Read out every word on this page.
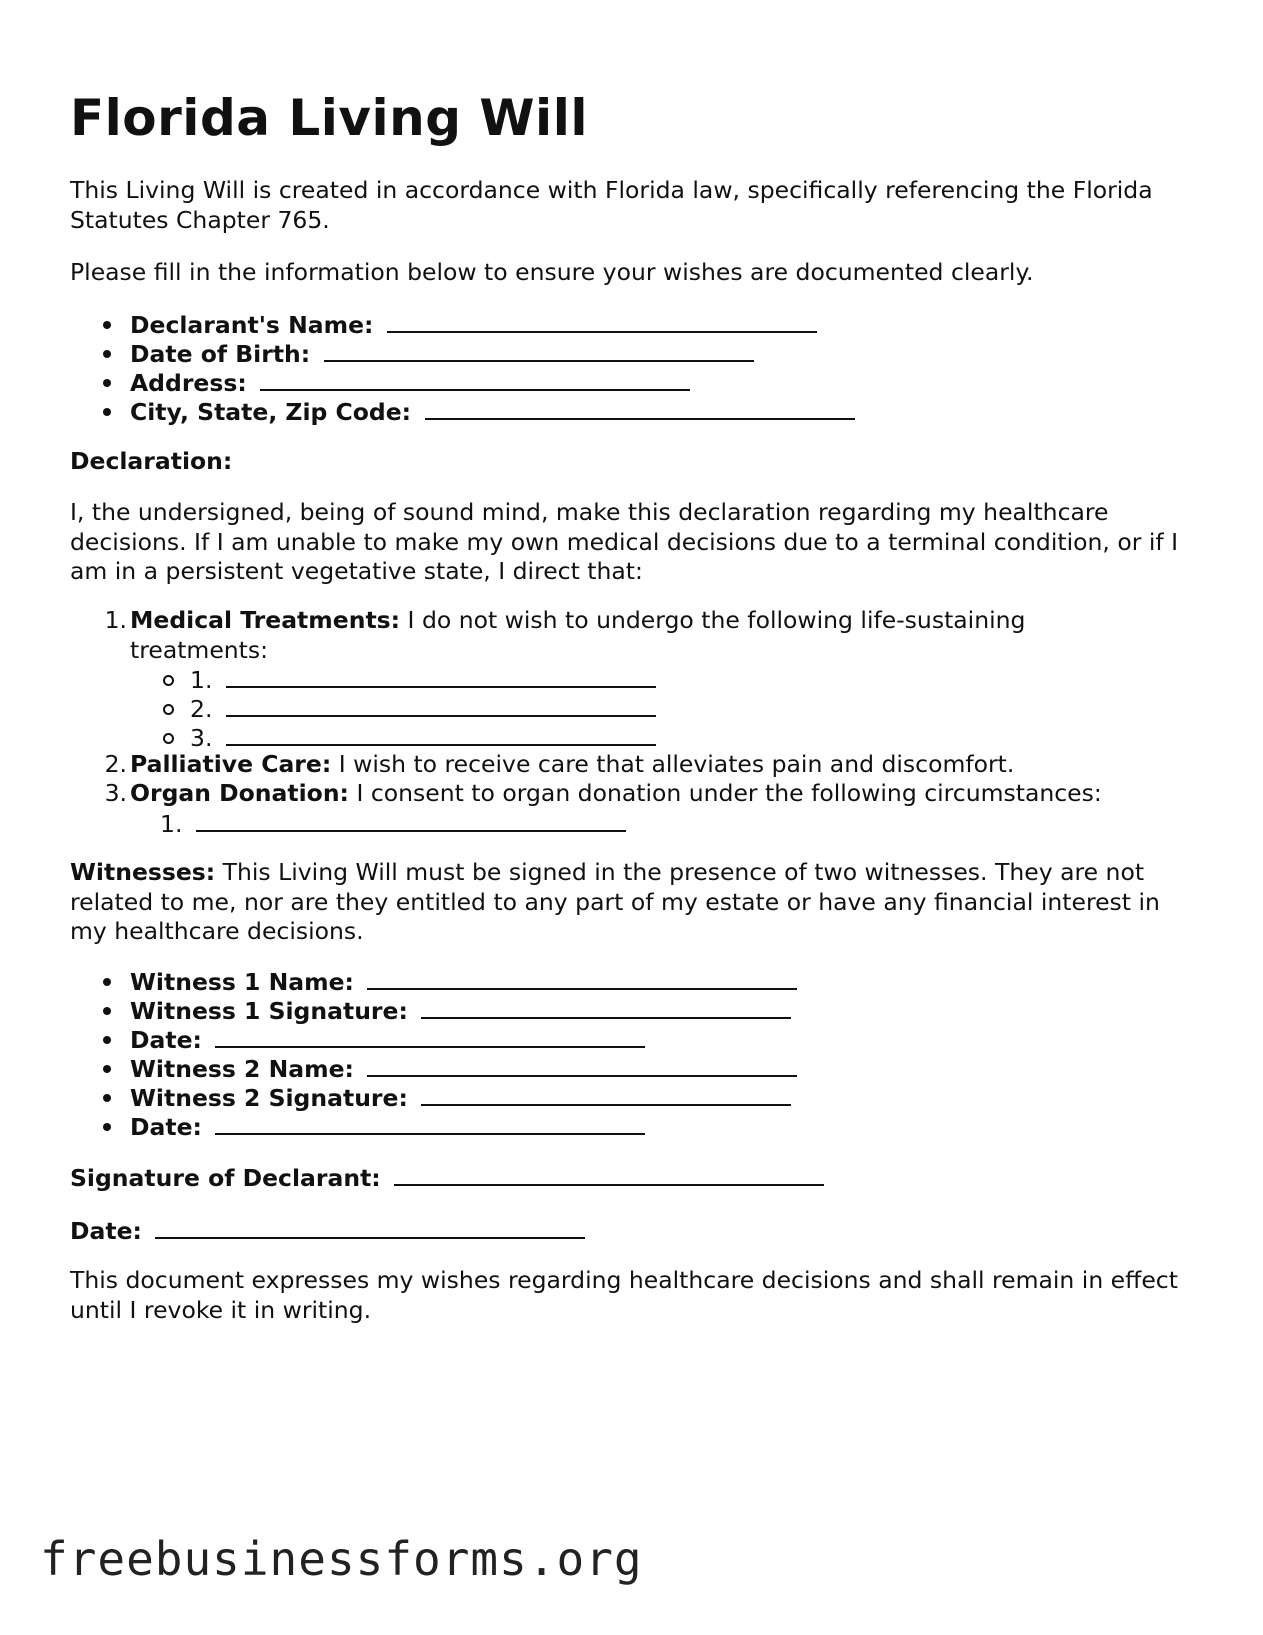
Florida Living Will

This Living Will is created in accordance with Florida law, specifically referencing the Florida Statutes Chapter 765.

Please fill in the information below to ensure your wishes are documented clearly.

Declarant's Name:
Date of Birth:
Address:
City, State, Zip Code:
Declaration:

I, the undersigned, being of sound mind, make this declaration regarding my healthcare decisions. If I am unable to make my own medical decisions due to a terminal condition, or if I am in a persistent vegetative state, I direct that:

1. Medical Treatments: I do not wish to undergo the following life-sustaining treatments:
1.
2.
3.
2. Palliative Care: I wish to receive care that alleviates pain and discomfort.
3. Organ Donation: I consent to organ donation under the following circumstances:
1.

Witnesses: This Living Will must be signed in the presence of two witnesses. They are not related to me, nor are they entitled to any part of my estate or have any financial interest in my healthcare decisions.

Witness 1 Name:
Witness 1 Signature:
Date:
Witness 2 Name:
Witness 2 Signature:
Date:
Signature of Declarant:
Date:

This document expresses my wishes regarding healthcare decisions and shall remain in effect until I revoke it in writing.

freebusinessforms.org
